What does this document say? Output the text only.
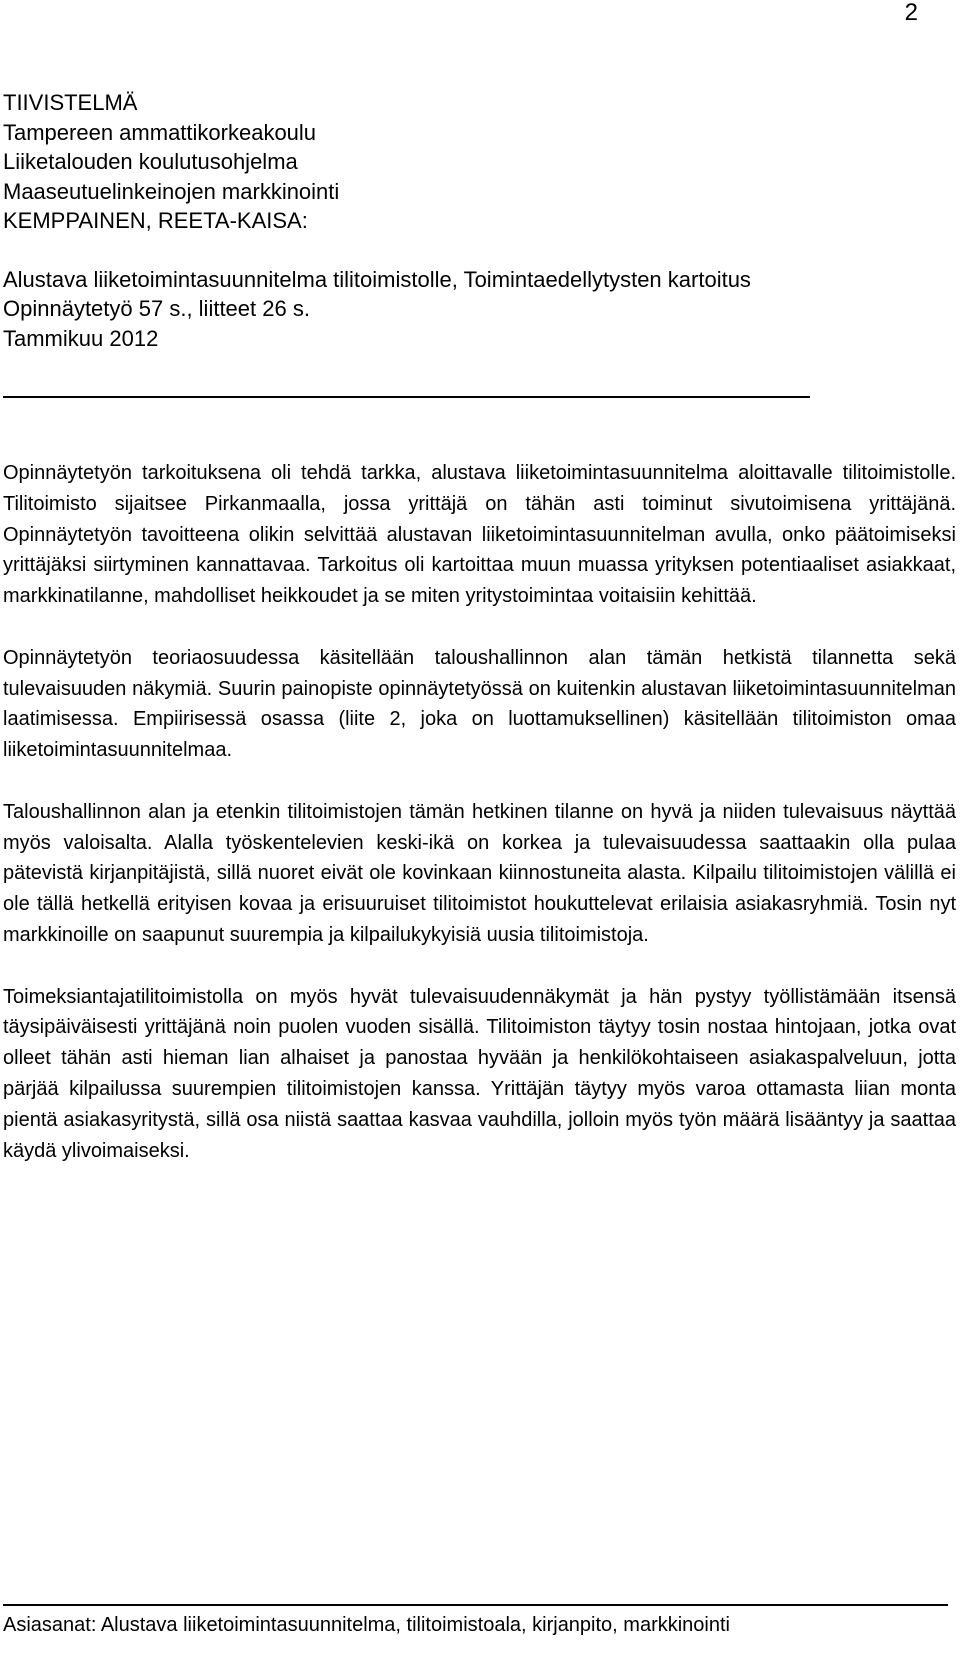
2
TIIVISTELMÄ
Tampereen ammattikorkeakoulu
Liiketalouden koulutusohjelma
Maaseutuelinkeinojen markkinointi
KEMPPAINEN, REETA-KAISA:
Alustava liiketoimintasuunnitelma tilitoimistolle, Toimintaedellytysten kartoitus
Opinnäytetyö 57 s., liitteet 26 s.
Tammikuu 2012

Opinnäytetyön tarkoituksena oli tehdä tarkka, alustava liiketoimintasuunnitelma aloittavalle tilitoimistolle. Tilitoimisto sijaitsee Pirkanmaalla, jossa yrittäjä on tähän asti toiminut sivutoimisena yrittäjänä. Opinnäytetyön tavoitteena olikin selvittää alustavan liiketoimintasuunnitelman avulla, onko päätoimiseksi yrittäjäksi siirtyminen kannattavaa. Tarkoitus oli kartoittaa muun muassa yrityksen potentiaaliset asiakkaat, markkinatilanne, mahdolliset heikkoudet ja se miten yritystoimintaa voitaisiin kehittää.

Opinnäytetyön teoriaosuudessa käsitellään taloushallinnon alan tämän hetkistä tilannetta sekä tulevaisuuden näkymiä. Suurin painopiste opinnäytetyössä on kuitenkin alustavan liiketoimintasuunnitelman laatimisessa. Empiirisessä osassa (liite 2, joka on luottamuksellinen) käsitellään tilitoimiston omaa liiketoimintasuunnitelmaa.

Taloushallinnon alan ja etenkin tilitoimistojen tämän hetkinen tilanne on hyvä ja niiden tulevaisuus näyttää myös valoisalta. Alalla työskentelevien keski-ikä on korkea ja tulevaisuudessa saattaakin olla pulaa pätevistä kirjanpitäjistä, sillä nuoret eivät ole kovinkaan kiinnostuneita alasta. Kilpailu tilitoimistojen välillä ei ole tällä hetkellä erityisen kovaa ja erisuuruiset tilitoimistot houkuttelevat erilaisia asiakasryhmiä. Tosin nyt markkinoille on saapunut suurempia ja kilpailukykyisiä uusia tilitoimistoja.

Toimeksiantajatilitoimistolla on myös hyvät tulevaisuudennäkymät ja hän pystyy työllistämään itsensä täysipäiväisesti yrittäjänä noin puolen vuoden sisällä. Tilitoimiston täytyy tosin nostaa hintojaan, jotka ovat olleet tähän asti hieman lian alhaiset ja panostaa hyvään ja henkilökohtaiseen asiakaspalveluun, jotta pärjää kilpailussa suurempien tilitoimistojen kanssa. Yrittäjän täytyy myös varoa ottamasta liian monta pientä asiakasyritystä, sillä osa niistä saattaa kasvaa vauhdilla, jolloin myös työn määrä lisääntyy ja saattaa käydä ylivoimaiseksi.

Asiasanat: Alustava liiketoimintasuunnitelma, tilitoimistoala, kirjanpito, markkinointi
